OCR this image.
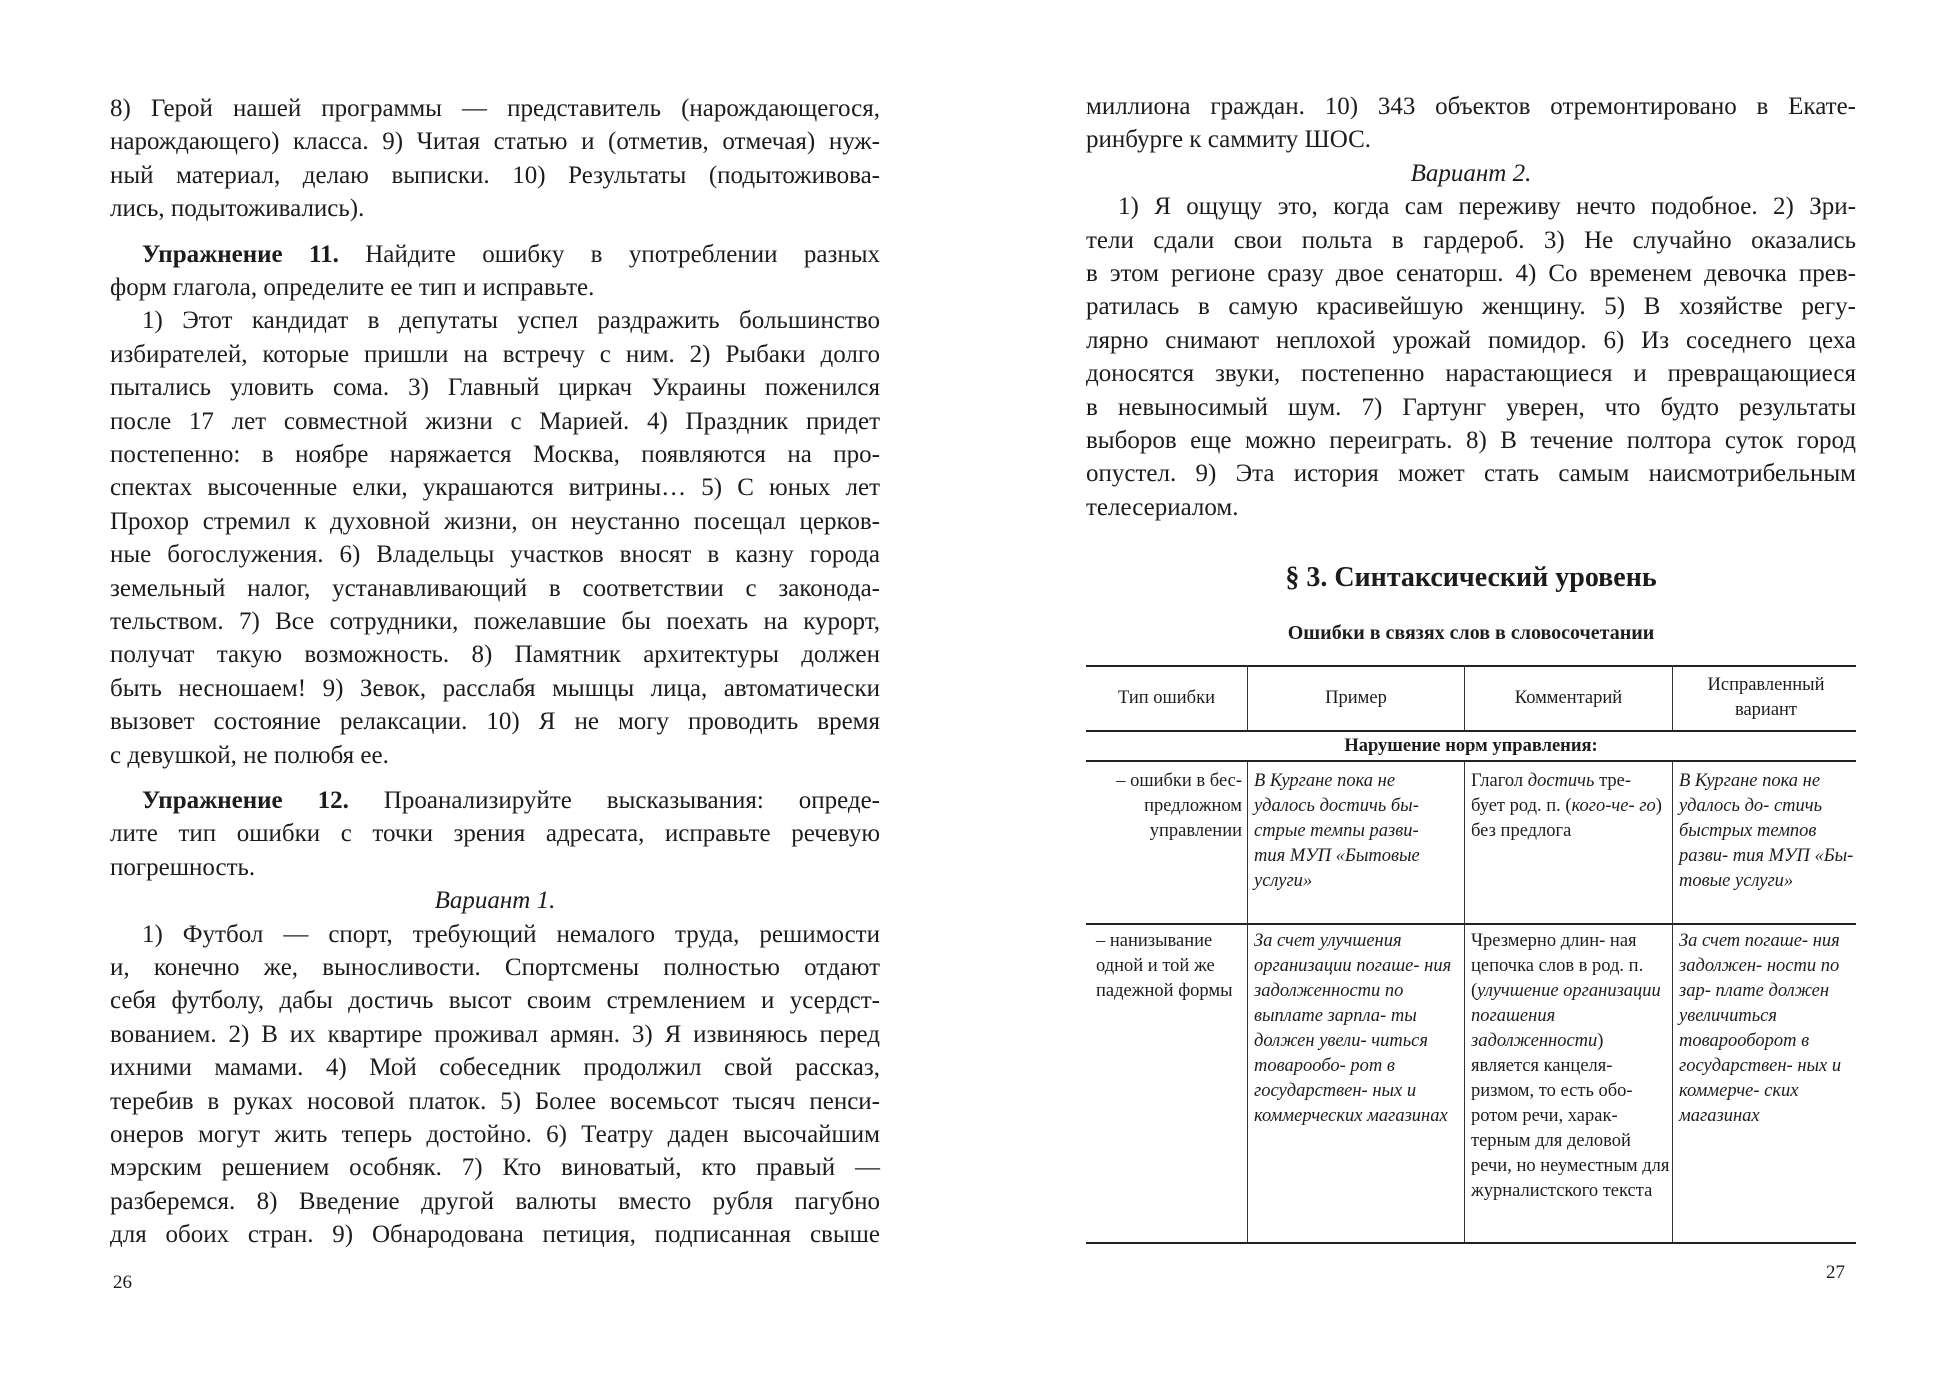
8) Герой нашей программы — представитель (нарождающегося,

нарождающего) класса. 9) Читая статью и (отметив, отмечая) нуж-

ный материал, делаю выписки. 10) Результаты (подытоживова-

лись, подытоживались).

Упражнение 11. Найдите ошибку в употреблении разных

форм глагола, определите ее тип и исправьте.

1) Этот кандидат в депутаты успел раздражить большинство

избирателей, которые пришли на встречу с ним. 2) Рыбаки долго

пытались уловить сома. 3) Главный циркач Украины поженился

после 17 лет совместной жизни с Марией. 4) Праздник придет

постепенно: в ноябре наряжается Москва, появляются на про-

спектах высоченные елки, украшаются витрины… 5) С юных лет

Прохор стремил к духовной жизни, он неустанно посещал церков-

ные богослужения. 6) Владельцы участков вносят в казну города

земельный налог, устанавливающий в соответствии с законода-

тельством. 7) Все сотрудники, пожелавшие бы поехать на курорт,

получат такую возможность. 8) Памятник архитектуры должен

быть несношаем! 9) Зевок, расслабя мышцы лица, автоматически

вызовет состояние релаксации. 10) Я не могу проводить время

с девушкой, не полюбя ее.

Упражнение 12. Проанализируйте высказывания: опреде-

лите тип ошибки с точки зрения адресата, исправьте речевую

погрешность.

Вариант 1.

1) Футбол — спорт, требующий немалого труда, решимости

и, конечно же, выносливости. Спортсмены полностью отдают

себя футболу, дабы достичь высот своим стремлением и усердст-

вованием. 2) В их квартире проживал армян. 3) Я извиняюсь перед

ихними мамами. 4) Мой собеседник продолжил свой рассказ,

теребив в руках носовой платок. 5) Более восемьсот тысяч пенси-

онеров могут жить теперь достойно. 6) Театру даден высочайшим

мэрским решением особняк. 7) Кто виноватый, кто правый —

разберемся. 8) Введение другой валюты вместо рубля пагубно

для обоих стран. 9) Обнародована петиция, подписанная свыше

26

миллиона граждан. 10) 343 объектов отремонтировано в Екате-

ринбурге к саммиту ШОС.

Вариант 2.

1) Я ощущу это, когда сам переживу нечто подобное. 2) Зри-

тели сдали свои польта в гардероб. 3) Не случайно оказались

в этом регионе сразу двое сенаторш. 4) Со временем девочка прев-

ратилась в самую красивейшую женщину. 5) В хозяйстве регу-

лярно снимают неплохой урожай помидор. 6) Из соседнего цеха

доносятся звуки, постепенно нарастающиеся и превращающиеся

в невыносимый шум. 7) Гартунг уверен, что будто результаты

выборов еще можно переиграть. 8) В течение полтора суток город

опустел. 9) Эта история может стать самым наисмотрибельным

телесериалом.

27
§ 3. Синтаксический уровень
Ошибки в связях слов в словосочетании
Тип ошибки	Пример	Комментарий
Исправленный вариант
Нарушение норм управления:
– ошибки в бес- предложном управлении
В Кургане пока не удалось достичь бы- стрые темпы разви- тия МУП «Бытовые услуги»
Глагол достичь тре- бует род. п. (кого-че- го) без предлога
В Кургане пока не удалось до- стичь быстрых темпов разви- тия МУП «Бы- товые услуги»
– нанизывание одной и той же падежной формы
За счет улучшения организации погаше- ния задолженности по выплате зарпла- ты должен увели- читься товарообо- рот в государствен- ных и коммерческих магазинах
Чрезмерно длин- ная цепочка слов в род. п. (улучшение организации погашения задолженности) является канцеля- ризмом, то есть обо- ротом речи, харак- терным для деловой речи, но неуместным для журналистского текста
За счет погаше- ния задолжен- ности по зар- плате должен увеличиться товарооборот в государствен- ных и коммерче- ских магазинах
